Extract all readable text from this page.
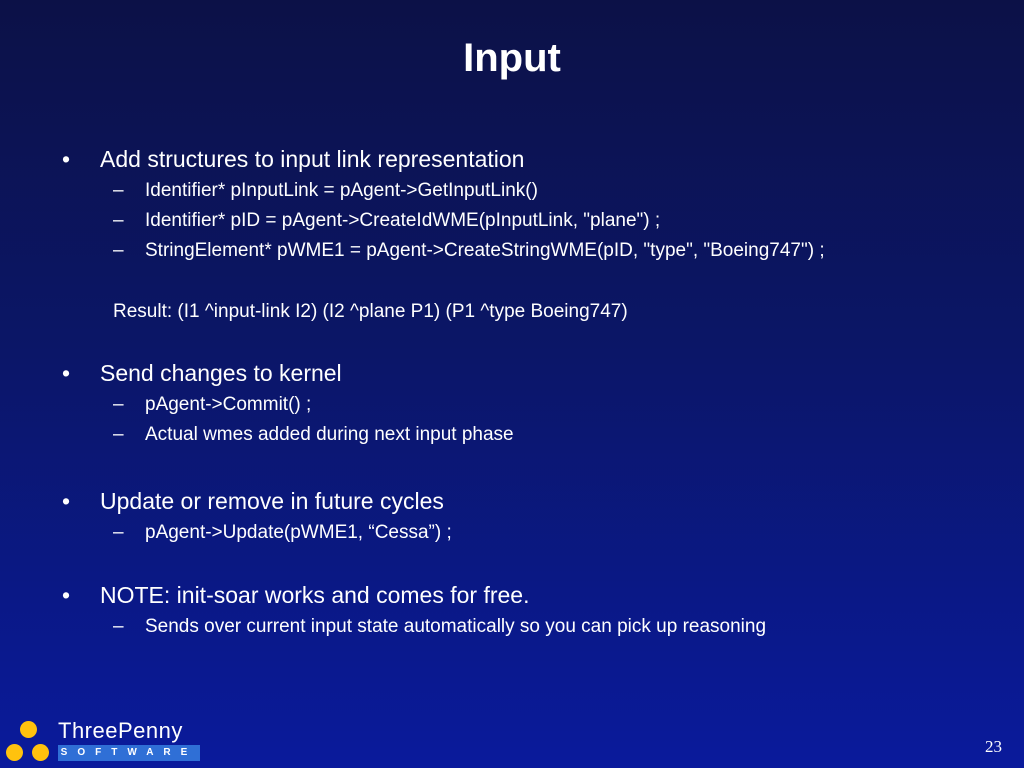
Input
• Add structures to input link representation
– Identifier* pInputLink = pAgent->GetInputLink()
– Identifier* pID = pAgent->CreateIdWME(pInputLink, "plane") ;
– StringElement* pWME1 = pAgent->CreateStringWME(pID, "type", "Boeing747") ;
Result: (I1 ^input-link I2) (I2 ^plane P1) (P1 ^type Boeing747)
• Send changes to kernel
– pAgent->Commit() ;
– Actual wmes added during next input phase
• Update or remove in future cycles
– pAgent->Update(pWME1, “Cessa”) ;
• NOTE: init-soar works and comes for free.
– Sends over current input state automatically so you can pick up reasoning
ThreePenny
SOFTWARE	23
